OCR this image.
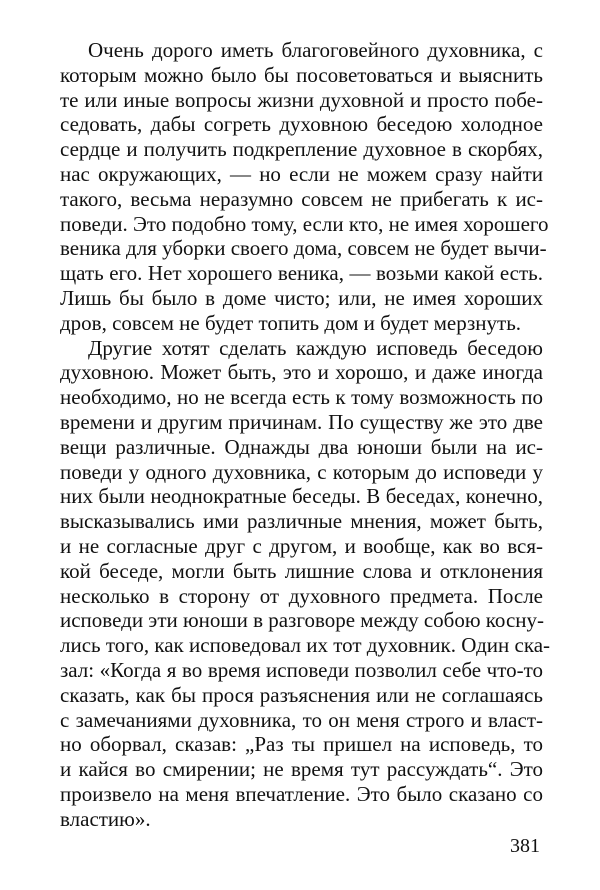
Очень дорого иметь благоговейного духовника, с
которым можно было бы посоветоваться и выяснить
те или иные вопросы жизни духовной и просто побе-
седовать, дабы согреть духовною беседою холодное
сердце и получить подкрепление духовное в скорбях,
нас окружающих, — но если не можем сразу найти
такого, весьма неразумно совсем не прибегать к ис-
поведи. Это подобно тому, если кто, не имея хорошего
веника для уборки своего дома, совсем не будет вычи-
щать его. Нет хорошего веника, — возьми какой есть.
Лишь бы было в доме чисто; или, не имея хороших
дров, совсем не будет топить дом и будет мерзнуть.
Другие хотят сделать каждую исповедь беседою
духовною. Может быть, это и хорошо, и даже иногда
необходимо, но не всегда есть к тому возможность по
времени и другим причинам. По существу же это две
вещи различные. Однажды два юноши были на ис-
поведи у одного духовника, с которым до исповеди у
них были неоднократные беседы. В беседах, конечно,
высказывались ими различные мнения, может быть,
и не согласные друг с другом, и вообще, как во вся-
кой беседе, могли быть лишние слова и отклонения
несколько в сторону от духовного предмета. После
исповеди эти юноши в разговоре между собою косну-
лись того, как исповедовал их тот духовник. Один ска-
зал: «Когда я во время исповеди позволил себе что-то
сказать, как бы прося разъяснения или не соглашаясь
с замечаниями духовника, то он меня строго и власт-
но оборвал, сказав: „Раз ты пришел на исповедь, то
и кайся во смирении; не время тут рассуждать“. Это
произвело на меня впечатление. Это было сказано со
властию».
381
